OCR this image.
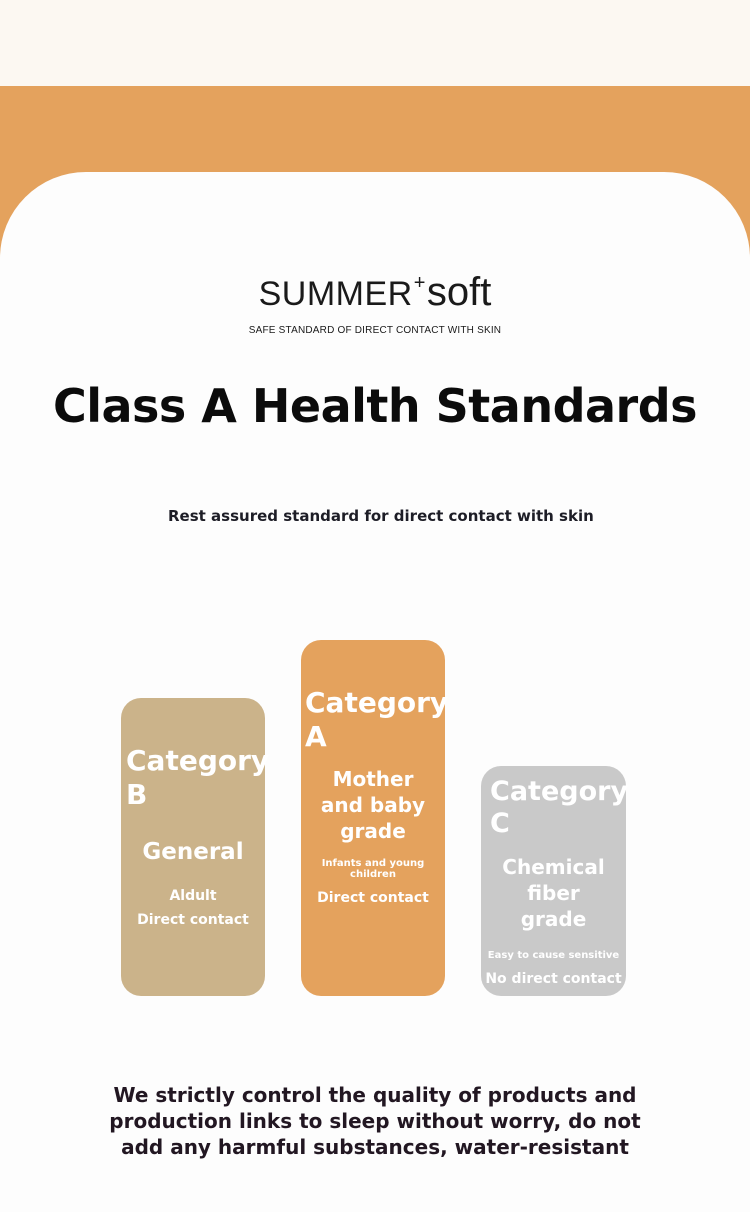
SUMMER+soft
SAFE STANDARD OF DIRECT CONTACT WITH SKIN
Class A Health Standards
Rest assured standard for direct contact with skin
Category B
General
Aldult
Direct contact
Category A
Mother and baby grade
Infants and young children
Direct contact
Category C
Chemical fiber grade
Easy to cause sensitive
No direct contact
We strictly control the quality of products and production links to sleep without worry, do not add any harmful substances, water-resistant
